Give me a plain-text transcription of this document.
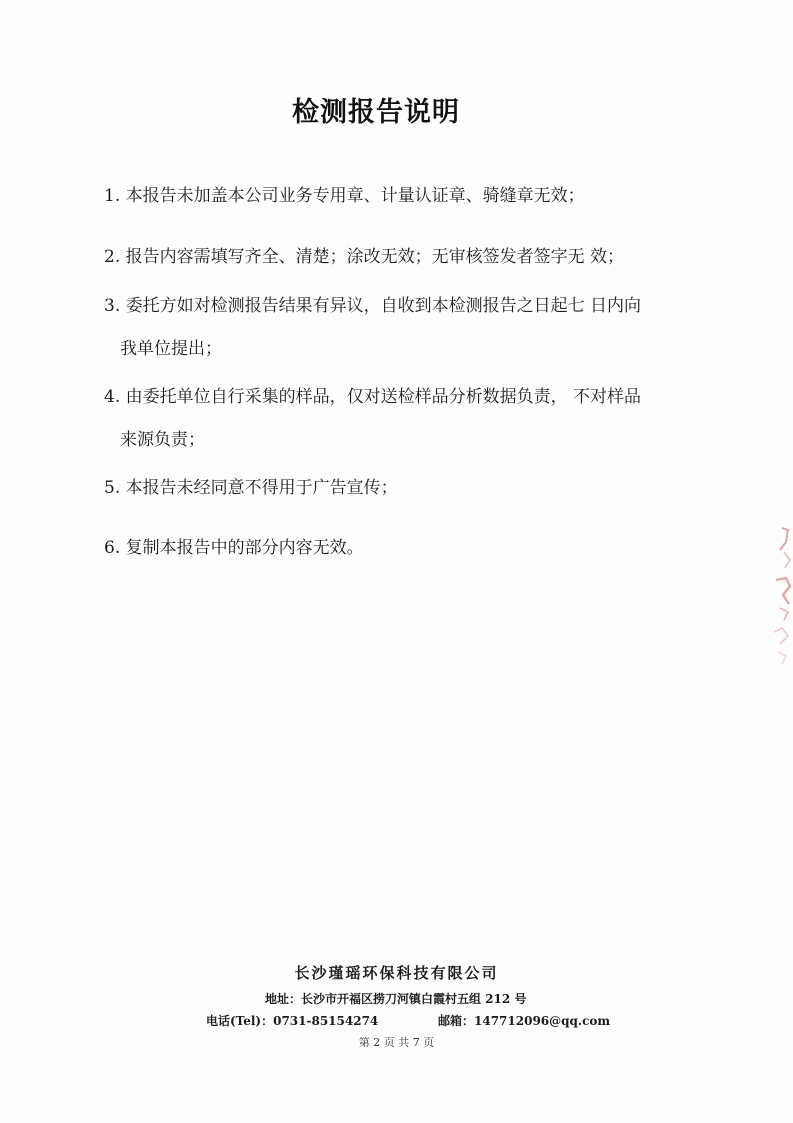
检测报告说明
1. 本报告未加盖本公司业务专用章、计量认证章、骑缝章无效；
2. 报告内容需填写齐全、清楚；涂改无效；无审核签发者签字无 效；
3. 委托方如对检测报告结果有异议，自收到本检测报告之日起七 日内向
我单位提出；
4. 由委托单位自行采集的样品，仅对送检样品分析数据负责， 不对样品
来源负责；
5. 本报告未经同意不得用于广告宣传；
6. 复制本报告中的部分内容无效。
长沙瑾瑶环保科技有限公司
地址：长沙市开福区捞刀河镇白霞村五组 212 号
电话(Tel)：0731-85154274	邮箱：147712096@qq.com
第 2 页 共 7 页
